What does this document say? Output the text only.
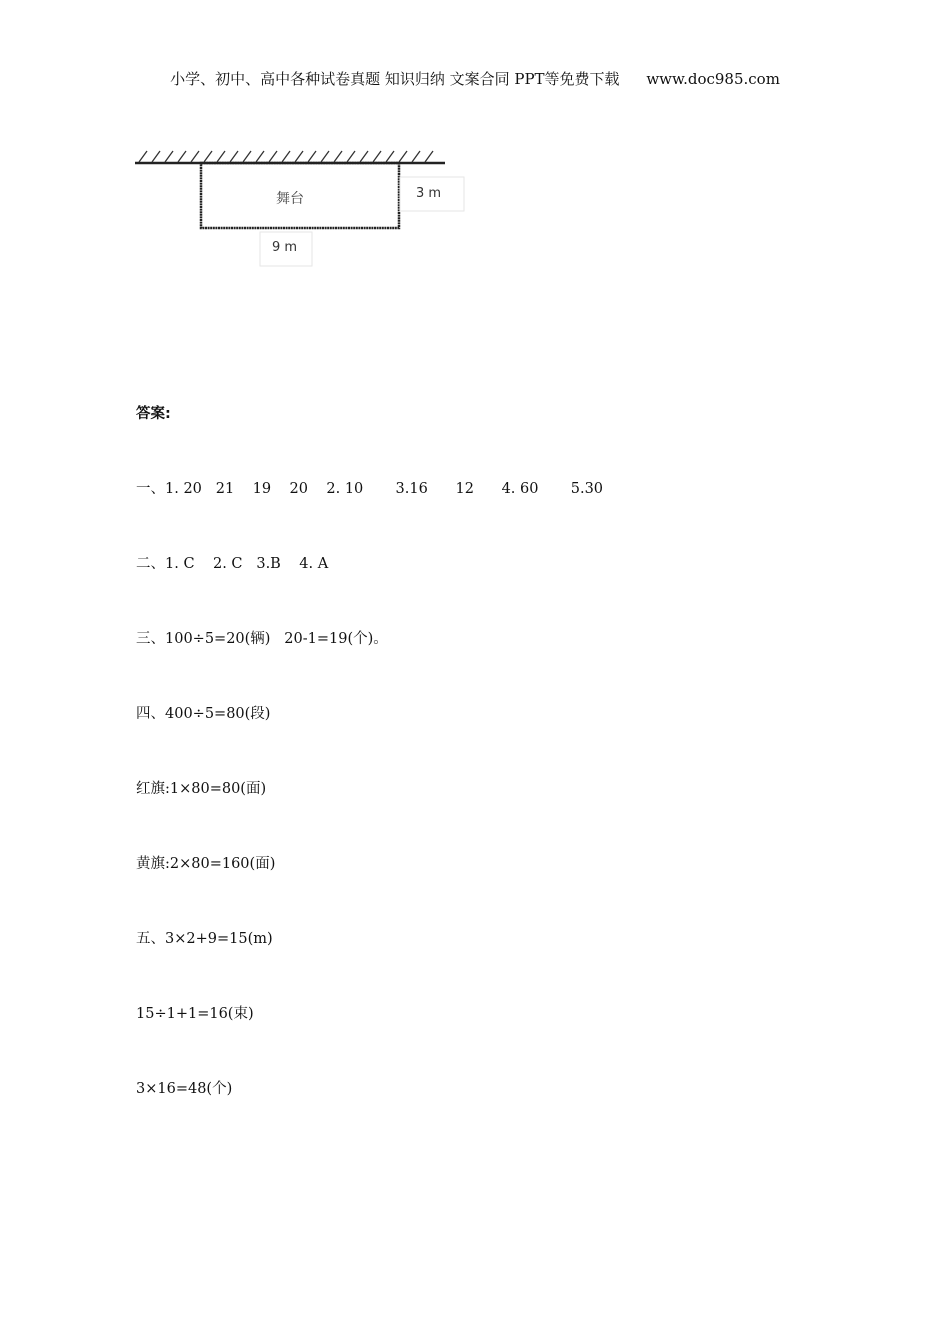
小学、初中、高中各种试卷真题 知识归纳 文案合同 PPT等免费下载 www.doc985.com
舞台	3 m
9 m

答案:

一、1. 20   21    19    20    2. 10       3.16      12      4. 60       5.30

二、1. C    2. C   3.B    4. A

三、100÷5=20(辆)   20-1=19(个)。

四、400÷5=80(段)

红旗:1×80=80(面)

黄旗:2×80=160(面)

五、3×2+9=15(m)

15÷1+1=16(束)

3×16=48(个)
